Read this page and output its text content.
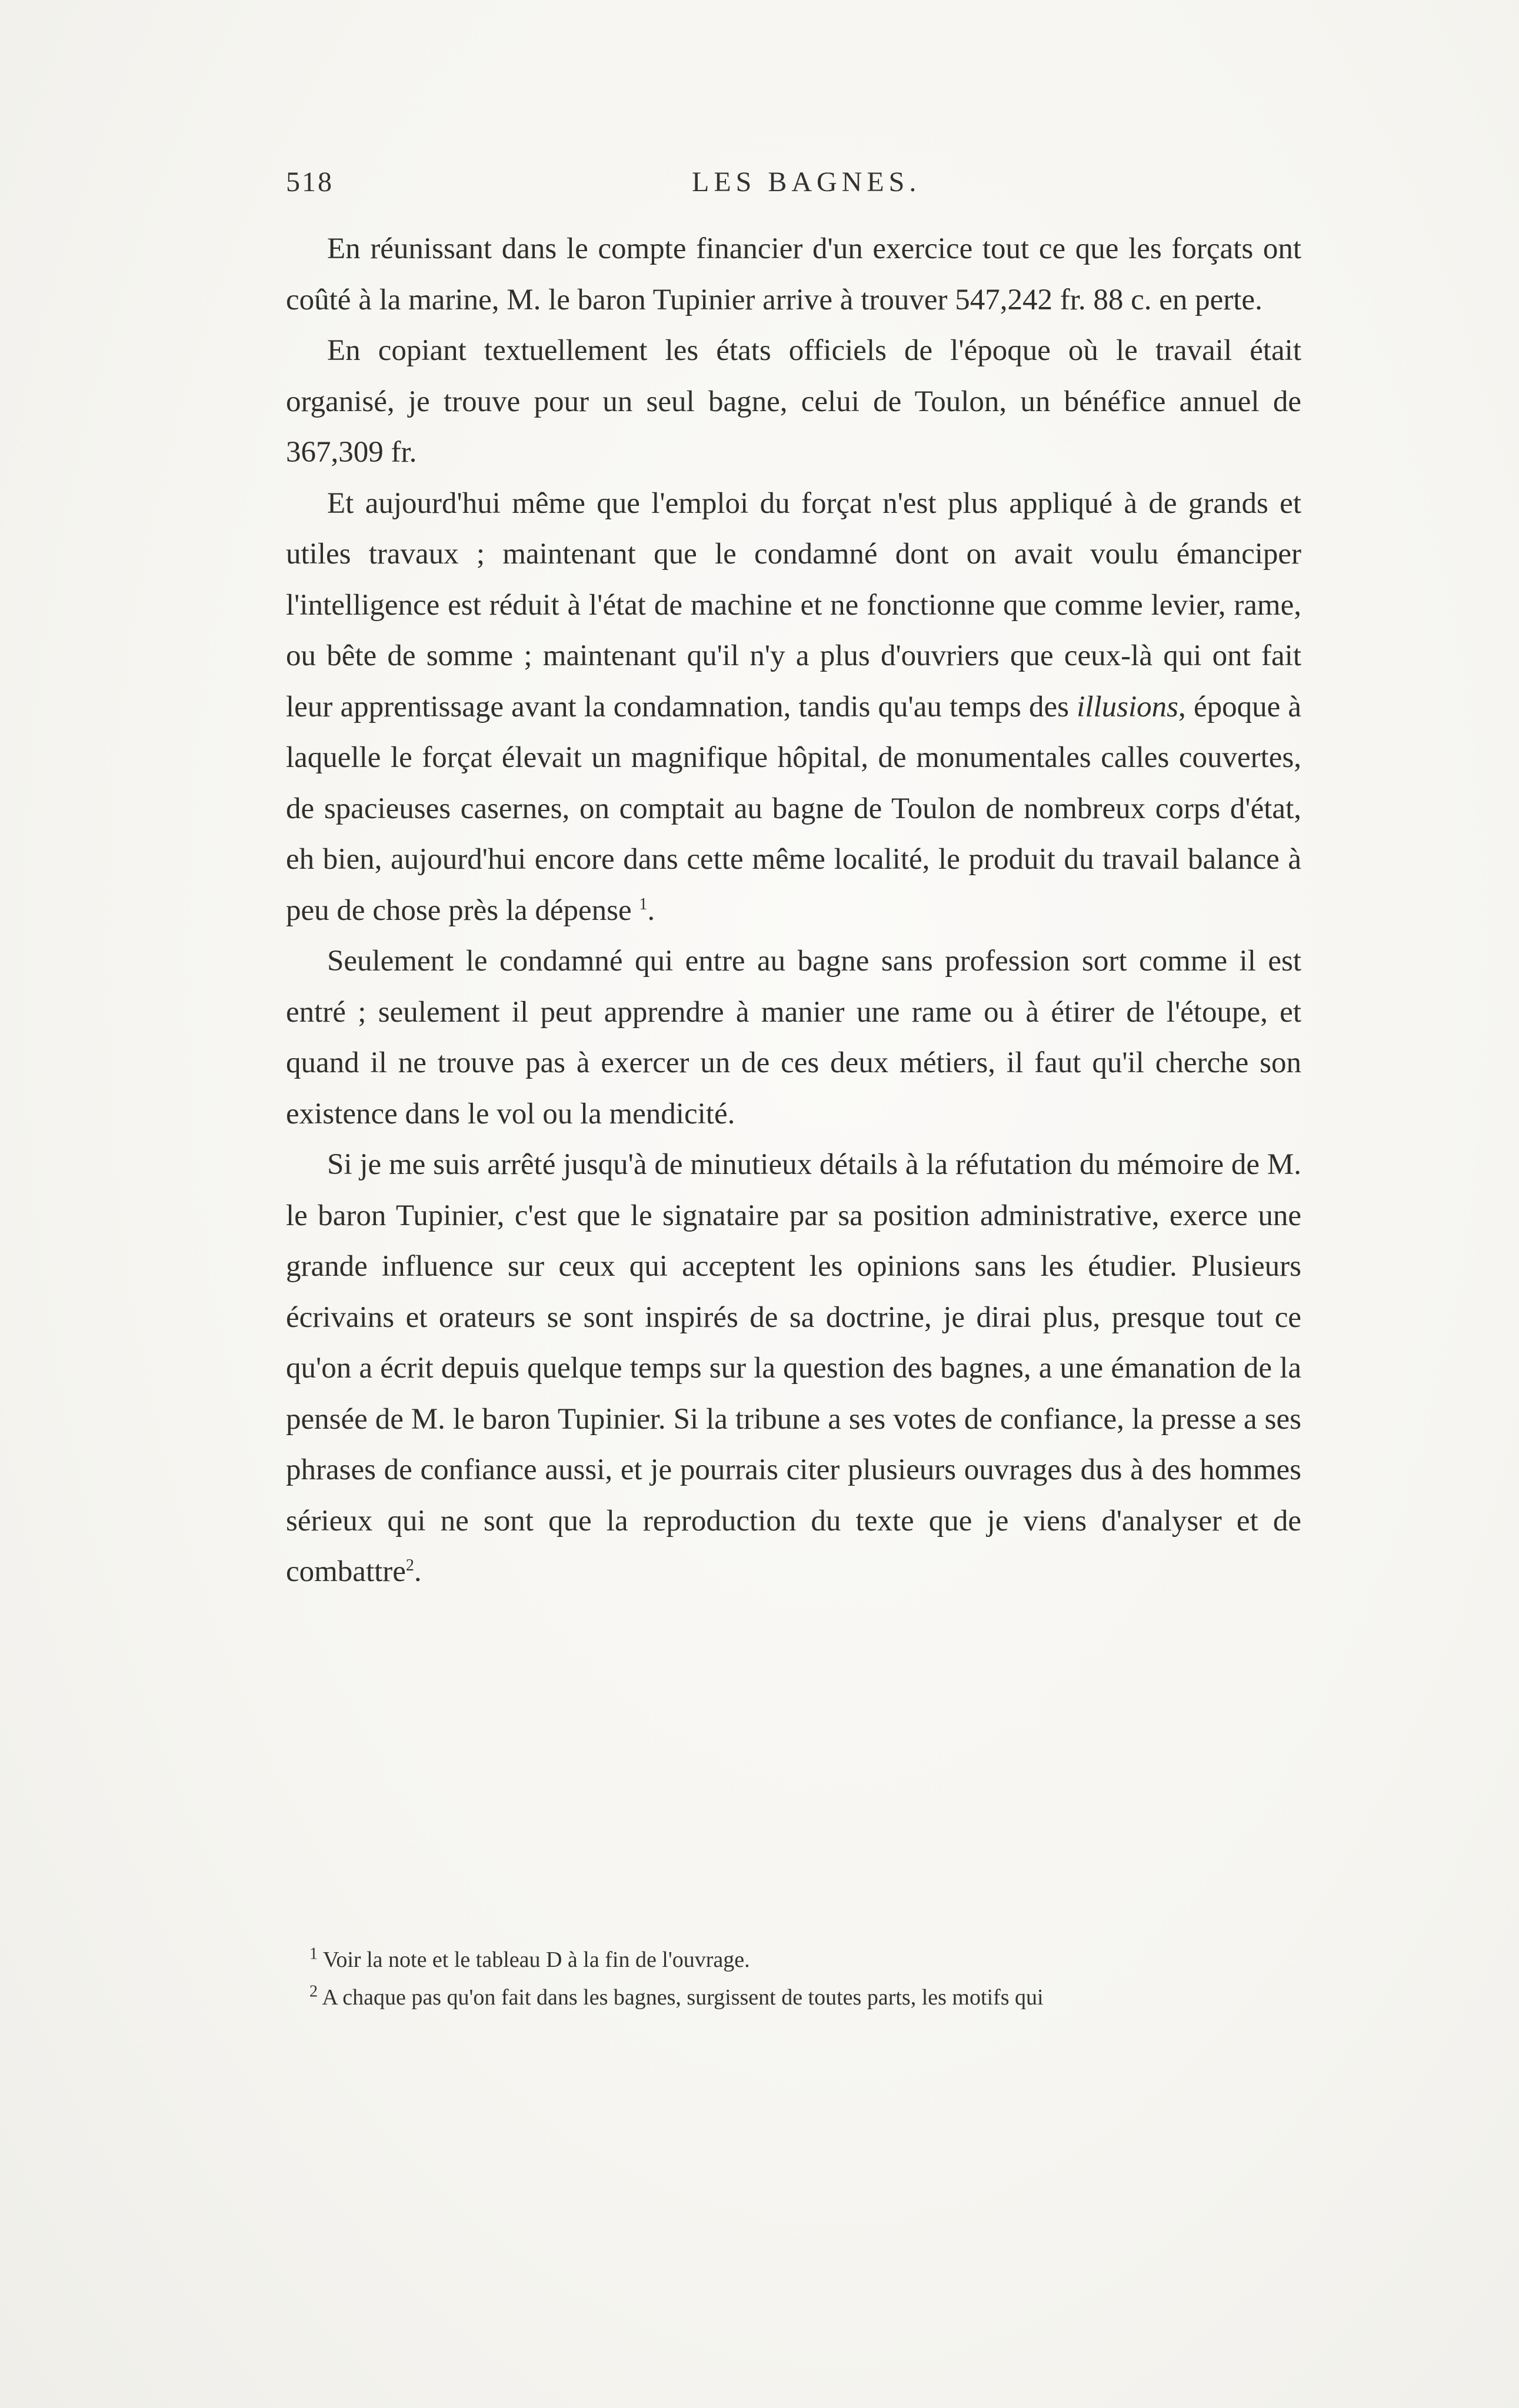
518	LES BAGNES.

En réunissant dans le compte financier d'un exercice tout ce que les forçats ont coûté à la marine, M. le baron Tupinier arrive à trouver 547,242 fr. 88 c. en perte.

En copiant textuellement les états officiels de l'époque où le travail était organisé, je trouve pour un seul bagne, celui de Toulon, un bénéfice annuel de 367,309 fr.

Et aujourd'hui même que l'emploi du forçat n'est plus appliqué à de grands et utiles travaux ; maintenant que le condamné dont on avait voulu émanciper l'intelligence est réduit à l'état de machine et ne fonctionne que comme levier, rame, ou bête de somme ; maintenant qu'il n'y a plus d'ouvriers que ceux-là qui ont fait leur apprentissage avant la condamnation, tandis qu'au temps des illusions, époque à laquelle le forçat élevait un magnifique hôpital, de monumentales calles couvertes, de spacieuses casernes, on comptait au bagne de Toulon de nombreux corps d'état, eh bien, aujourd'hui encore dans cette même localité, le produit du travail balance à peu de chose près la dépense $^1$.

Seulement le condamné qui entre au bagne sans profession sort comme il est entré ; seulement il peut apprendre à manier une rame ou à étirer de l'étoupe, et quand il ne trouve pas à exercer un de ces deux métiers, il faut qu'il cherche son existence dans le vol ou la mendicité.

Si je me suis arrêté jusqu'à de minutieux détails à la réfutation du mémoire de M. le baron Tupinier, c'est que le signataire par sa position administrative, exerce une grande influence sur ceux qui acceptent les opinions sans les étudier. Plusieurs écrivains et orateurs se sont inspirés de sa doctrine, je dirai plus, presque tout ce qu'on a écrit depuis quelque temps sur la question des bagnes, a une émanation de la pensée de M. le baron Tupinier. Si la tribune a ses votes de confiance, la presse a ses phrases de confiance aussi, et je pourrais citer plusieurs ouvrages dus à des hommes sérieux qui ne sont que la reproduction du texte que je viens d'analyser et de combattre$^2$.

$^1$ Voir la note et le tableau D à la fin de l'ouvrage.

$^2$ A chaque pas qu'on fait dans les bagnes, surgissent de toutes parts, les motifs qui
